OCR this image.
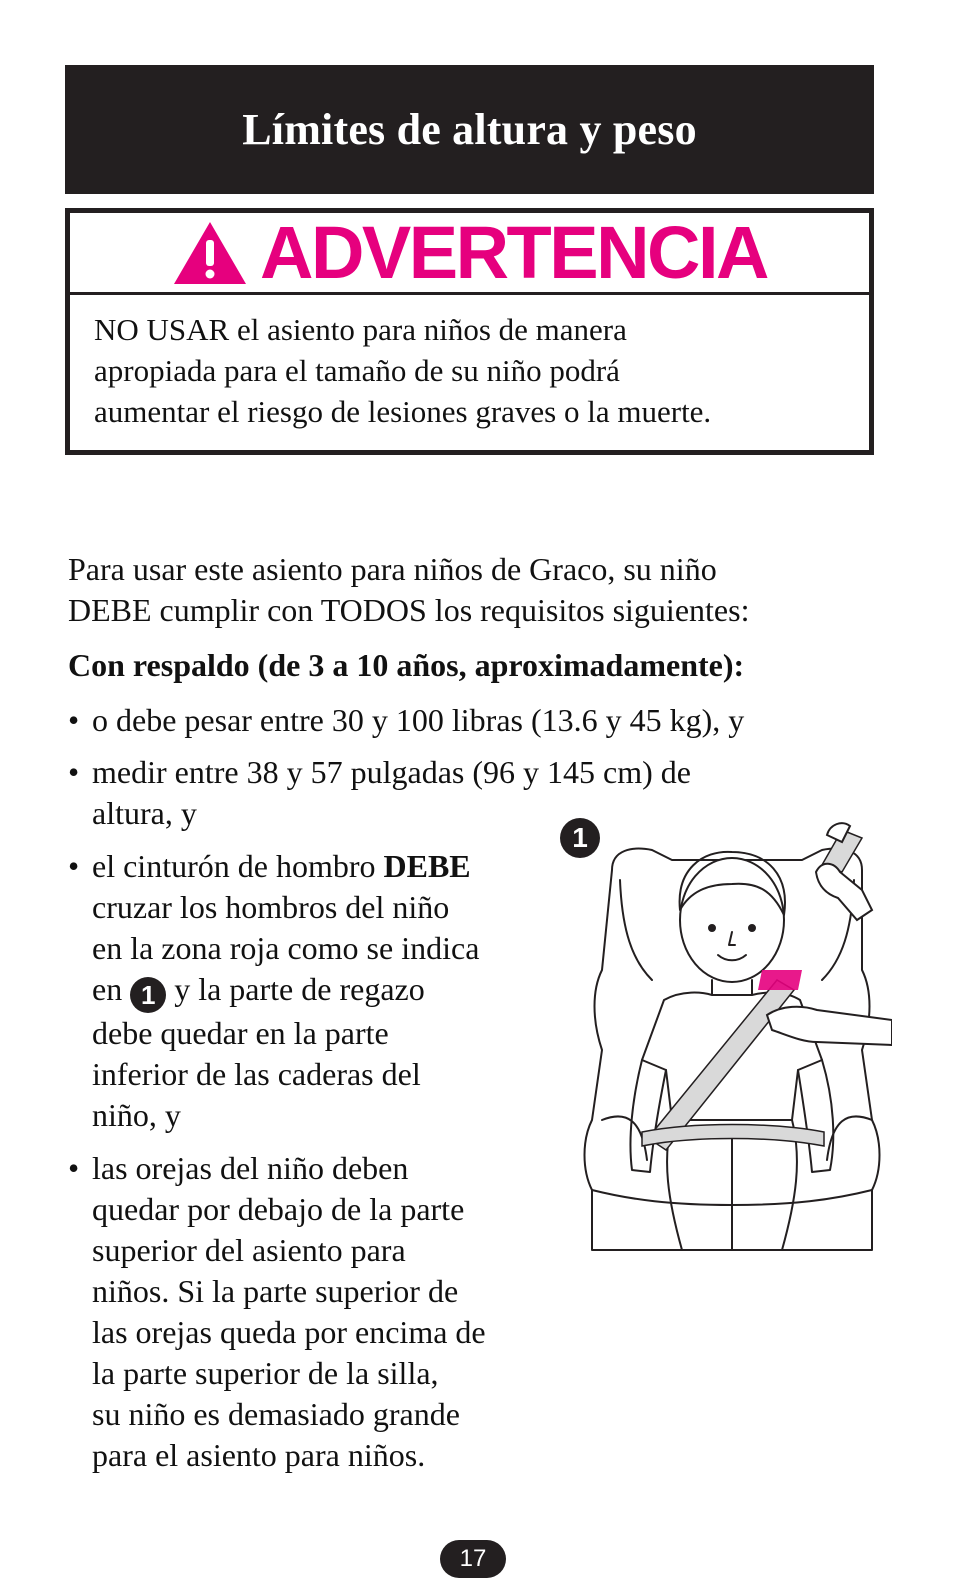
Límites de altura y peso
ADVERTENCIA
NO USAR el asiento para niños de manera
apropiada para el tamaño de su niño podrá
aumentar el riesgo de lesiones graves o la muerte.
Para usar este asiento para niños de Graco, su niño
DEBE cumplir con TODOS los requisitos siguientes:
Con respaldo (de 3 a 10 años, aproximadamente):
• o debe pesar entre 30 y 100 libras (13.6 y 45 kg), y
• medir entre 38 y 57 pulgadas (96 y 145 cm) de
altura, y
• el cinturón de hombro DEBE
cruzar los hombros del niño
en la zona roja como se indica
en 1 y la parte de regazo
debe quedar en la parte
inferior de las caderas del
niño, y
• las orejas del niño deben
quedar por debajo de la parte
superior del asiento para
niños. Si la parte superior de
las orejas queda por encima de
la parte superior de la silla,
su niño es demasiado grande
para el asiento para niños.
1
17
